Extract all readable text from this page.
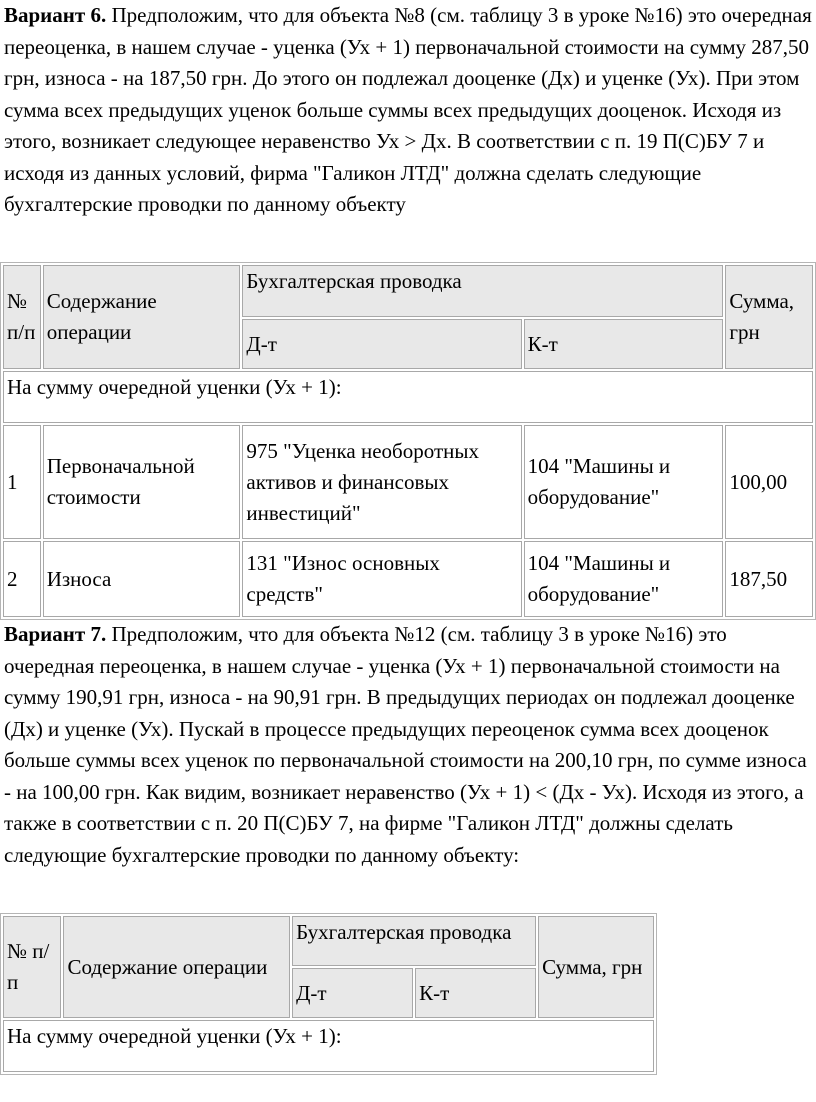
Вариант 6. Предположим, что для объекта №8 (см. таблицу 3 в уроке №16) это очередная переоценка, в нашем случае - уценка (Ух + 1) первоначальной стоимости на сумму 287,50 грн, износа - на 187,50 грн. До этого он подлежал дооценке (Дх) и уценке (Ух). При этом сумма всех предыдущих уценок больше суммы всех предыдущих дооценок. Исходя из этого, возникает следующее неравенство Ух > Дх. В соответствии с п. 19 П(С)БУ 7 и исходя из данных условий, фирма "Галикон ЛТД" должна сделать следующие бухгалтерские проводки по данному объекту

№ п/п	Содержание операции	Бухгалтерская проводка		Сумма, грн
		Д-т	К-т	
На сумму очередной уценки (Ух + 1):				
1	Первоначальной стоимости	975 "Уценка необоротных активов и финансовых инвестиций"	104 "Машины и оборудование"	100,00
2	Износа	131 "Износ основных средств"	104 "Машины и оборудование"	187,50

Вариант 7. Предположим, что для объекта №12 (см. таблицу 3 в уроке №16) это очередная переоценка, в нашем случае - уценка (Ух + 1) первоначальной стоимости на сумму 190,91 грн, износа - на 90,91 грн. В предыдущих периодах он подлежал дооценке (Дх) и уценке (Ух). Пускай в процессе предыдущих переоценок сумма всех дооценок больше суммы всех уценок по первоначальной стоимости на 200,10 грн, по сумме износа - на 100,00 грн. Как видим, возникает неравенство (Ух + 1) < (Дх - Ух). Исходя из этого, а также в соответствии с п. 20 П(С)БУ 7, на фирме "Галикон ЛТД" должны сделать следующие бухгалтерские проводки по данному объекту:

№ п/п	Содержание операции	Бухгалтерская проводка		Сумма, грн
		Д-т	К-т	
На сумму очередной уценки (Ух + 1):				
